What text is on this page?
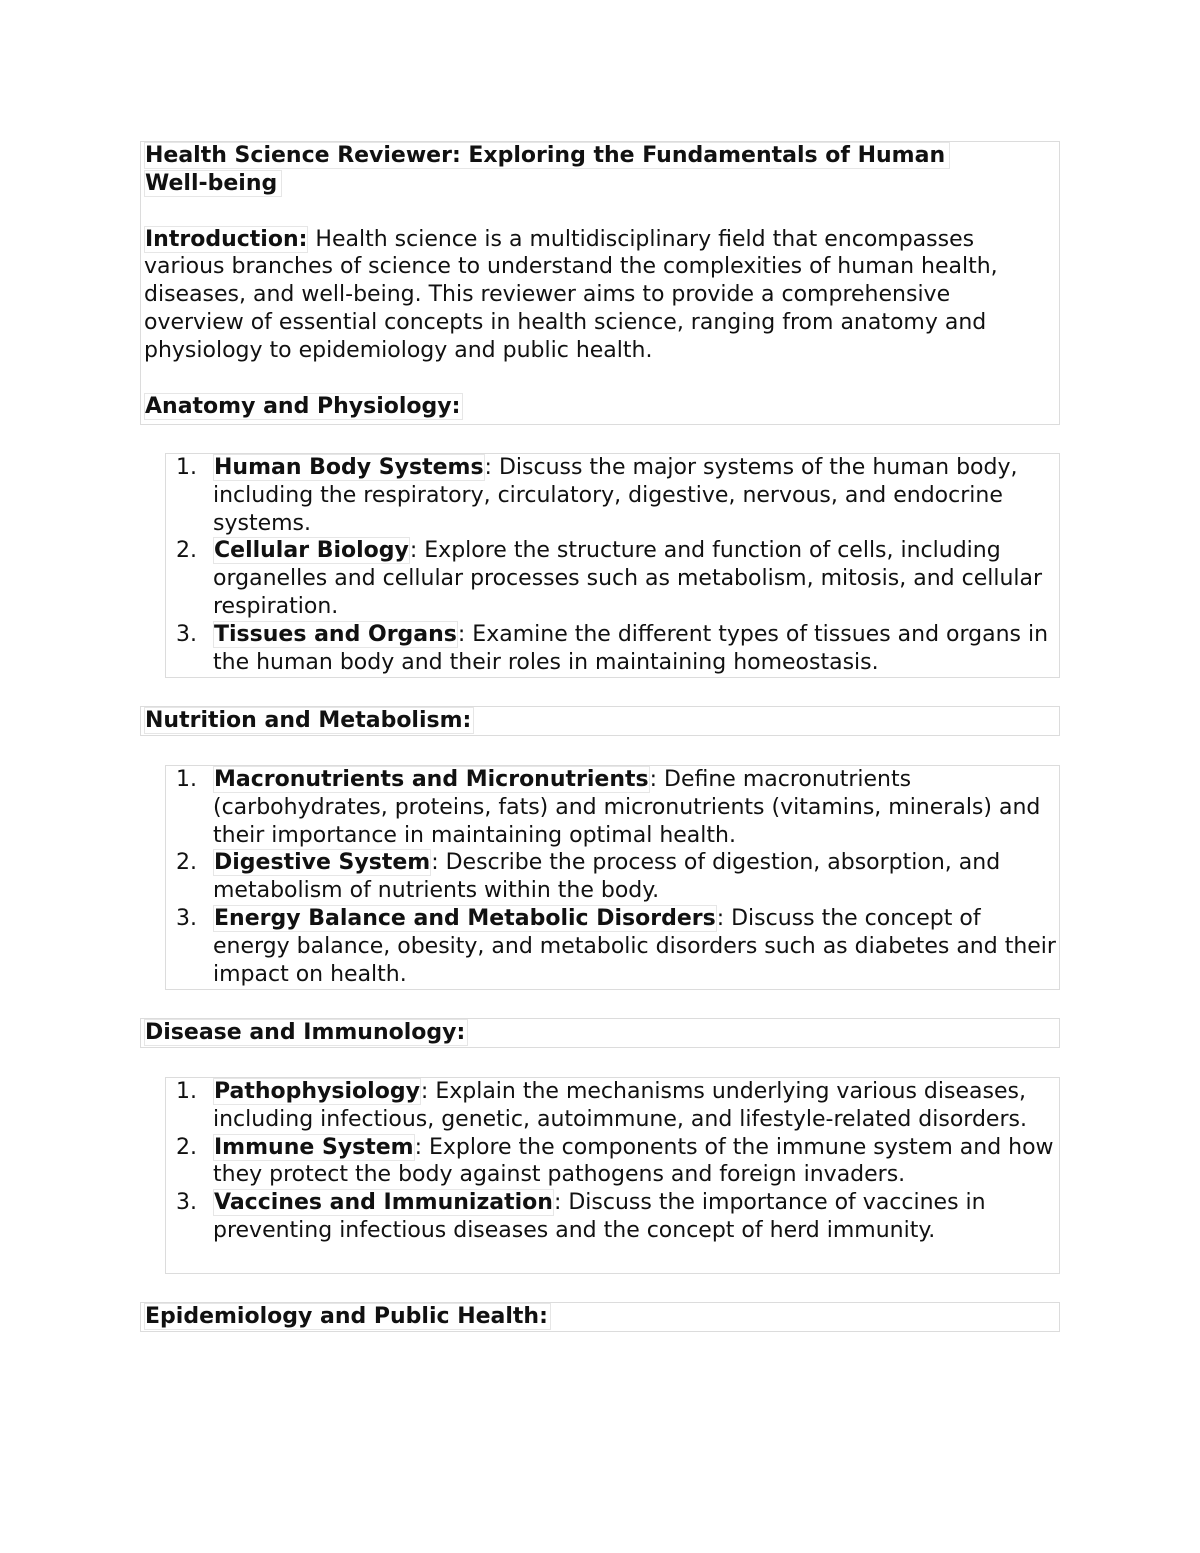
Health Science Reviewer: Exploring the Fundamentals of Human
Well-being

Introduction: Health science is a multidisciplinary field that encompasses various branches of science to understand the complexities of human health, diseases, and well-being. This reviewer aims to provide a comprehensive overview of essential concepts in health science, ranging from anatomy and physiology to epidemiology and public health.

Anatomy and Physiology:

1. Human Body Systems: Discuss the major systems of the human body, including the respiratory, circulatory, digestive, nervous, and endocrine systems.
2. Cellular Biology: Explore the structure and function of cells, including organelles and cellular processes such as metabolism, mitosis, and cellular respiration.
3. Tissues and Organs: Examine the different types of tissues and organs in the human body and their roles in maintaining homeostasis.
Nutrition and Metabolism:
1. Macronutrients and Micronutrients: Define macronutrients (carbohydrates, proteins, fats) and micronutrients (vitamins, minerals) and their importance in maintaining optimal health.
2. Digestive System: Describe the process of digestion, absorption, and metabolism of nutrients within the body.
3. Energy Balance and Metabolic Disorders: Discuss the concept of energy balance, obesity, and metabolic disorders such as diabetes and their impact on health.
Disease and Immunology:
1. Pathophysiology: Explain the mechanisms underlying various diseases, including infectious, genetic, autoimmune, and lifestyle-related disorders.
2. Immune System: Explore the components of the immune system and how they protect the body against pathogens and foreign invaders.
3. Vaccines and Immunization: Discuss the importance of vaccines in preventing infectious diseases and the concept of herd immunity.
Epidemiology and Public Health:
